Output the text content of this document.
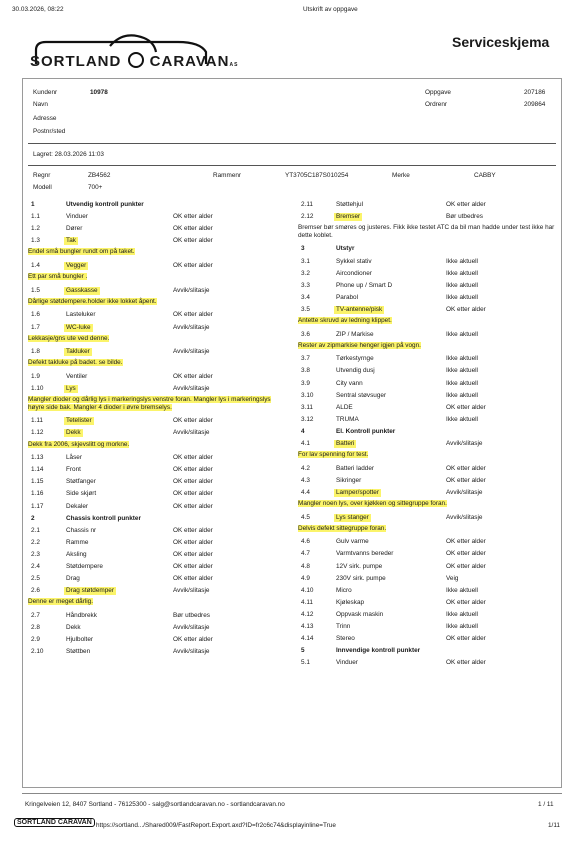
30.03.2026, 08:22	Utskrift av oppgave
SORTLAND CARAVANAS
Serviceskjema
Kundenr	10978
Navn
Adresse
Postnr/sted
Oppgave	207186
Ordrenr	209864
Lagret: 28.03.2026 11:03
Regnr	ZB4562	Rammenr	YT3705C187S010254	Merke	CABBY
Modell	700+
1	Utvendig kontroll punkter
1.1	Vinduer	OK etter alder
1.2	Dører	OK etter alder
1.3	Tak	OK etter alder
Endel små bungler rundt om på taket.
1.4	Vegger	OK etter alder
Ett par små bungler .
1.5	Gasskasse	Avvik/slitasje
Dårlige støtdempere.holder ikke lokket åpent.
1.6	Lasteluker	OK etter alder
1.7	WC-luke	Avvik/slitasje
Lekkasje/gns ute ved denne.
1.8	Takluker	Avvik/slitasje
Defekt takluke på badet. se bilde.
1.9	Ventiler	OK etter alder
1.10	Lys	Avvik/slitasje
Mangler dioder og dårlig lys i markeringslys venstre foran. Mangler lys i markeringslys høyre side bak. Mangler 4 dioder i øvre bremselys.
1.11	Tetelister	OK etter alder
1.12	Dekk	Avvik/slitasje
Dekk fra 2006, skjevslitt og morkne.
1.13	Låser	OK etter alder
1.14	Front	OK etter alder
1.15	Støtfanger	OK etter alder
1.16	Side skjørt	OK etter alder
1.17	Dekaler	OK etter alder
2	Chassis kontroll punkter
2.1	Chassis nr	OK etter alder
2.2	Ramme	OK etter alder
2.3	Aksling	OK etter alder
2.4	Støtdempere	OK etter alder
2.5	Drag	OK etter alder
2.6	Drag støtdemper	Avvik/slitasje
Denne er meget dårlig.
2.7	Håndbrekk	Bør utbedres
2.8	Dekk	Avvik/slitasje
2.9	Hjulbolter	OK etter alder
2.10	Støttben	Avvik/slitasje
2.11	Støttehjul	OK etter alder
2.12	Bremser	Bør utbedres
Bremser bør smøres og justeres. Fikk ikke testet ATC da bil man hadde under test ikke har dette koblet.
3	Utstyr
3.1	Sykkel stativ	Ikke aktuell
3.2	Aircondioner	Ikke aktuell
3.3	Phone up / Smart D	Ikke aktuell
3.4	Parabol	Ikke aktuell
3.5	TV-antenne/pisk	OK etter alder
Antette skruvd av ledning klippet.
3.6	ZIP / Markise	Ikke aktuell
Rester av zipmarkise henger igjen på vogn.
3.7	Tørkestyrnge	Ikke aktuell
3.8	Utvendig dusj	Ikke aktuell
3.9	City vann	Ikke aktuell
3.10	Sentral støvsuger	Ikke aktuell
3.11	ALDE	OK etter alder
3.12	TRUMA	Ikke aktuell
4	El. Kontroll punkter
4.1	Batteri	Avvik/slitasje
For lav spenning for test.
4.2	Batteri ladder	OK etter alder
4.3	Sikringer	OK etter alder
4.4	Lamper/spotter	Avvik/slitasje
Mangler noen lys, over kjøkken og sittegruppe foran.
4.5	Lys stanger	Avvik/slitasje
Delvis defekt sittegruppe foran.
4.6	Gulv varme	OK etter alder
4.7	Varmtvanns bereder	OK etter alder
4.8	12V sirk. pumpe	OK etter alder
4.9	230V sirk. pumpe	Veig
4.10	Micro	Ikke aktuell
4.11	Kjøleskap	OK etter alder
4.12	Oppvask maskin	Ikke aktuell
4.13	Trinn	Ikke aktuell
4.14	Stereo	OK etter alder
5	Innvendige kontroll punkter
5.1	Vinduer	OK etter alder
Kringelveien 12, 8407 Sortland - 76125300 - salg@sortlandcaravan.no - sortlandcaravan.no	1 / 11
SORTLAND CARAVAN https://sortland.../Shared009/FastReport.Export.axd?ID=fr2c6c74&displayinline=True	1/11
